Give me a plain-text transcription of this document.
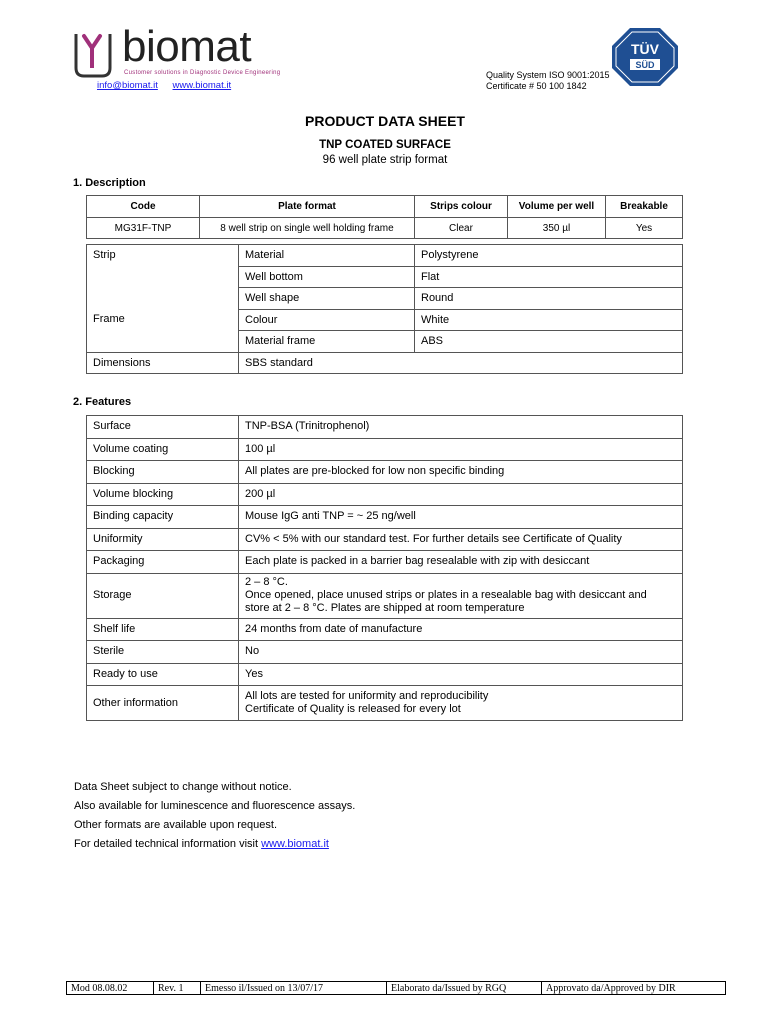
biomat
Customer solutions in Diagnostic Device Engineering
info@biomat.it www.biomat.it
Quality System ISO 9001:2015
Certificate # 50 100 1842
TÜV
SÜD
PRODUCT DATA SHEET
TNP COATED SURFACE
96 well plate strip format
1. Description
Code	Plate format	Strips colour	Volume per well	Breakable
MG31F-TNP	8 well strip on single well holding frame	Clear	350 µl	Yes
Strip	Material	Polystyrene
	Well bottom	Flat
	Well shape	Round
Frame	Colour	White
	Material frame	ABS
Dimensions	SBS standard	
2. Features
Surface	TNP-BSA (Trinitrophenol)
Volume coating	100 µl
Blocking	All plates are pre-blocked for low non specific binding
Volume blocking	200 µl
Binding capacity	Mouse IgG anti TNP = ~ 25 ng/well
Uniformity	CV% < 5% with our standard test. For further details see Certificate of Quality
Packaging	Each plate is packed in a barrier bag resealable with zip with desiccant
Storage	2 – 8 °C.
Once opened, place unused strips or plates in a resealable bag with desiccant and
store at 2 – 8 °C. Plates are shipped at room temperature

Shelf life	24 months from date of manufacture
Sterile	No
Ready to use	Yes
Other information	All lots are tested for uniformity and reproducibility
Certificate of Quality is released for every lot
Data Sheet subject to change without notice.
Also available for luminescence and fluorescence assays.
Other formats are available upon request.
For detailed technical information visit www.biomat.it
Mod 08.08.02	Rev. 1	Emesso il/Issued on 13/07/17	Elaborato da/Issued by RGQ	Approvato da/Approved by DIR
